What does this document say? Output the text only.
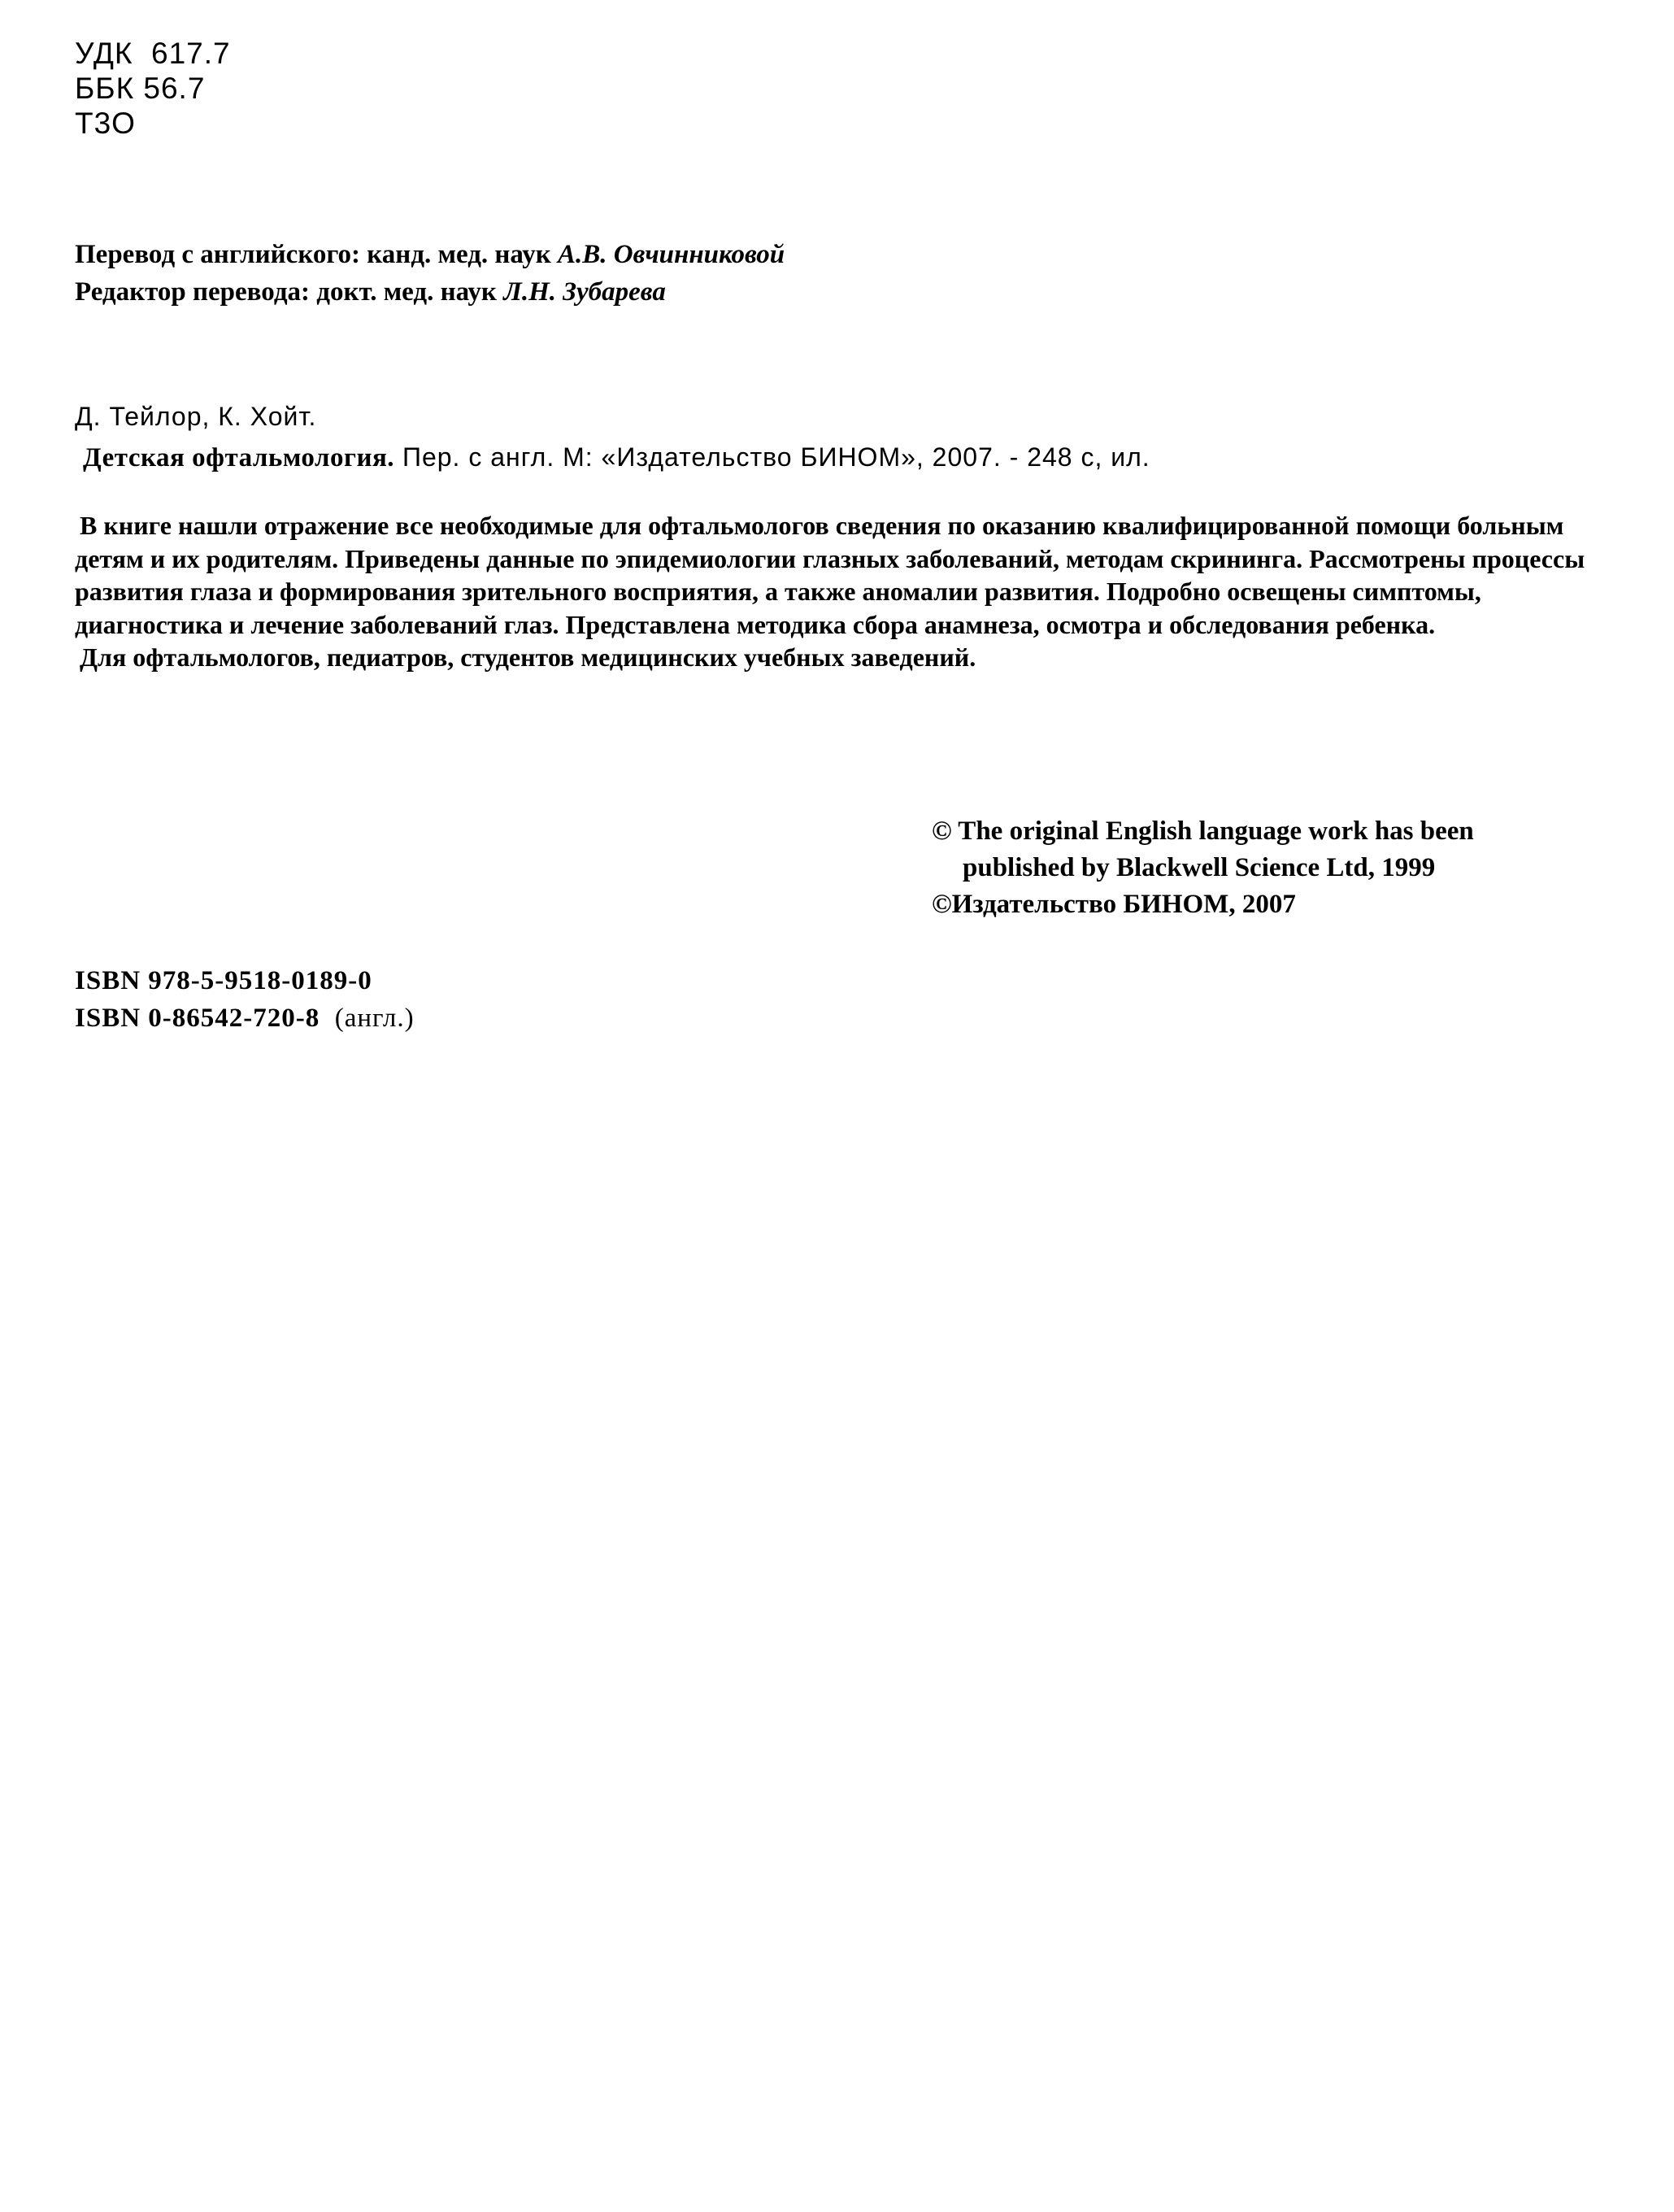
УДК  617.7
ББК 56.7
Т3О
Перевод с английского: канд. мед. наук А.В. Овчинниковой
Редактор перевода: докт. мед. наук Л.Н. Зубарева
Д. Тейлор, К. Хойт.
Детская офтальмология. Пер. с англ. М: «Издательство БИНОМ», 2007. - 248 с, ил.

В книге нашли отражение все необходимые для офтальмологов сведения по оказанию квалифицированной помощи больным детям и их родителям. Приведены данные по эпидемиологии глазных заболеваний, методам скрининга. Рассмотрены процессы развития глаза и формирования зрительного восприятия, а также аномалии развития. Подробно освещены симптомы, диагностика и лечение заболеваний глаз. Представлена методика сбора анамнеза, осмотра и обследования ребенка.

Для офтальмологов, педиатров, студентов медицинских учебных заведений.

© The original English language work has been
published by Blackwell Science Ltd, 1999
©Издательство БИНОМ, 2007
ISBN 978-5-9518-0189-0
ISBN 0-86542-720-8 (англ.)
